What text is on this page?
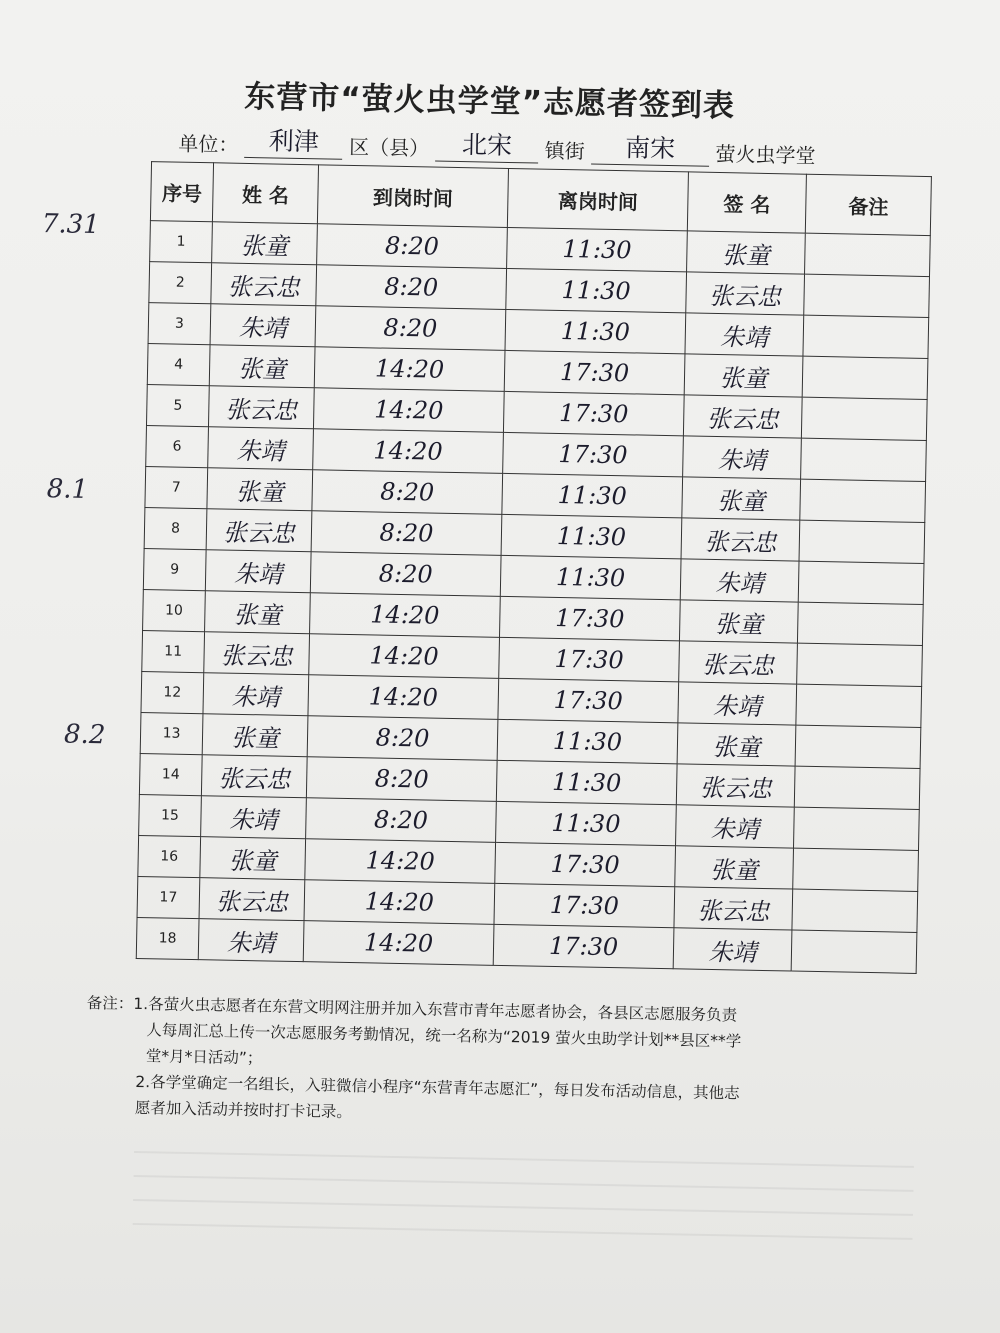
东营市“萤火虫学堂”志愿者签到表
单位： 利津 区（县） 北宋 镇街 南宋 萤火虫学堂
7.31
8.1
8.2
序号	姓 名	到岗时间	离岗时间	签 名	备注
1	张童	8:20	11:30	张童	
2	张云忠	8:20	11:30	张云忠	
3	朱靖	8:20	11:30	朱靖	
4	张童	14:20	17:30	张童	
5	张云忠	14:20	17:30	张云忠	
6	朱靖	14:20	17:30	朱靖	
7	张童	8:20	11:30	张童	
8	张云忠	8:20	11:30	张云忠	
9	朱靖	8:20	11:30	朱靖	
10	张童	14:20	17:30	张童	
11	张云忠	14:20	17:30	张云忠	
12	朱靖	14:20	17:30	朱靖	
13	张童	8:20	11:30	张童	
14	张云忠	8:20	11:30	张云忠	
15	朱靖	8:20	11:30	朱靖	
16	张童	14:20	17:30	张童	
17	张云忠	14:20	17:30	张云忠	
18	朱靖	14:20	17:30	朱靖	

备注：1.各萤火虫志愿者在东营文明网注册并加入东营市青年志愿者协会，各县区志愿服务负责

人每周汇总上传一次志愿服务考勤情况，统一名称为“2019 萤火虫助学计划**县区**学

堂*月*日活动”；

2.各学堂确定一名组长，入驻微信小程序“东营青年志愿汇”，每日发布活动信息，其他志

愿者加入活动并按时打卡记录。
